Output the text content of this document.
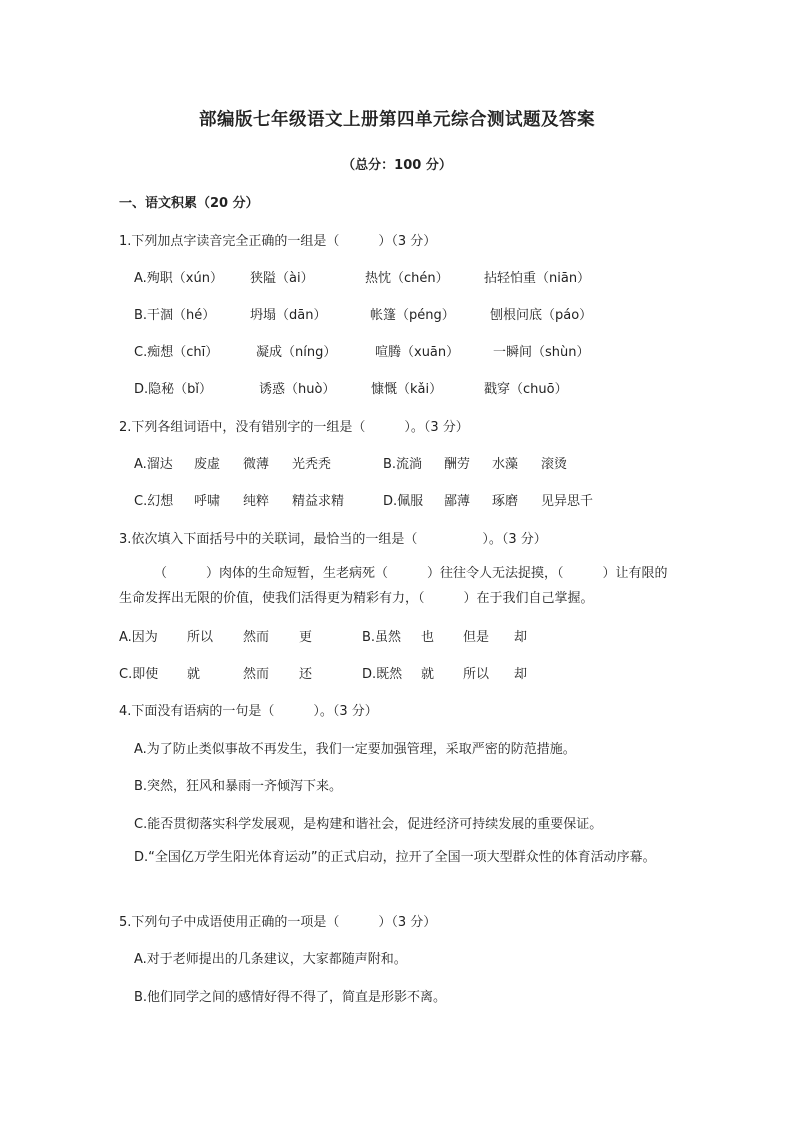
部编版七年级语文上册第四单元综合测试题及答案
（总分：100 分）
一、语文积累（20 分）
1.下列加点字读音完全正确的一组是（　　　）（3 分）
A.殉职（xún） 狭隘（ài）	热忱（chén）	拈轻怕重（niān）
B.干涸（hé）	坍塌（dān）	帐篷（péng）	刨根问底（páo）
C.痴想（chī）	凝成（níng）	喧腾（xuān）	一瞬间（shùn）
D.隐秘（bǐ）	诱惑（huò）	慷慨（kǎi）	戳穿（chuō）
2.下列各组词语中，没有错别字的一组是（　　　）。（3 分）
A.溜达 废虚 微薄 光秃秃	B.流淌 酬劳 水藻 滚烫
C.幻想 呼啸 纯粹 精益求精	D.佩服 鄙薄 琢磨 见异思千
3.依次填入下面括号中的关联词，最恰当的一组是（　　　　　）。（3 分）
（　　　）肉体的生命短暂，生老病死（　　　）往往令人无法捉摸，（　　　）让有限的生命发挥出无限的价值，使我们活得更为精彩有力，（　　　）在于我们自己掌握。
A.因为 所以 然而 更	B.虽然 也 但是 却
C.即使 就	然而 还	D.既然 就 所以 却
4.下面没有语病的一句是（　　　）。（3 分）
A.为了防止类似事故不再发生，我们一定要加强管理，采取严密的防范措施。
B.突然，狂风和暴雨一齐倾泻下来。
C.能否贯彻落实科学发展观，是构建和谐社会，促进经济可持续发展的重要保证。
D.“全国亿万学生阳光体育运动”的正式启动，拉开了全国一项大型群众性的体育活动序幕。
5.下列句子中成语使用正确的一项是（　　　）（3 分）
A.对于老师提出的几条建议，大家都随声附和。
B.他们同学之间的感情好得不得了，简直是形影不离。
